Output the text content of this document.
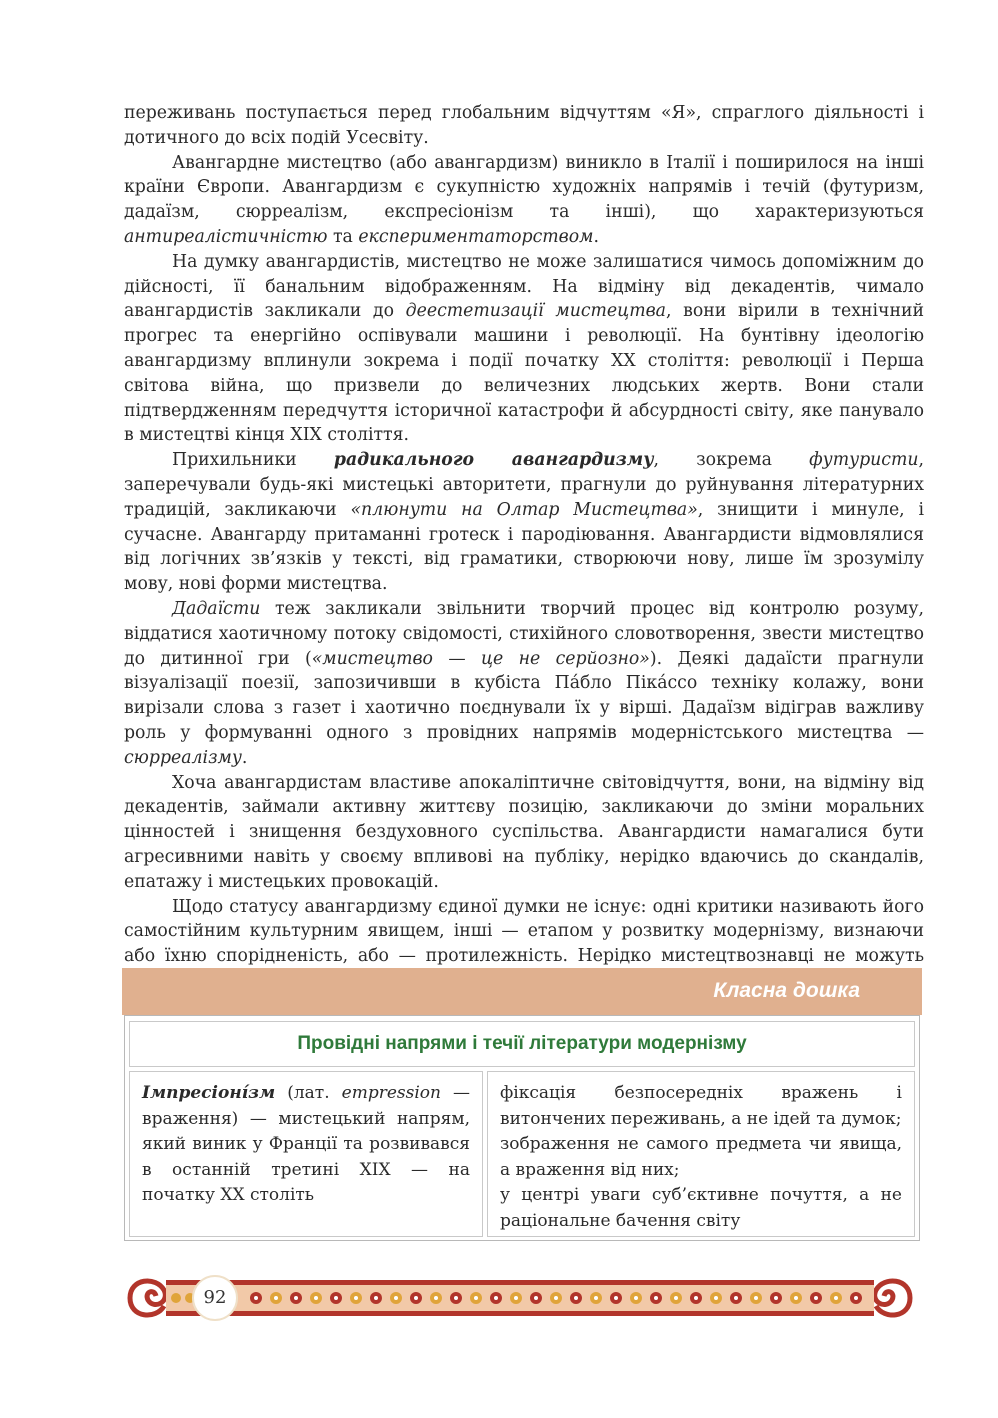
переживань поступається перед глобальним відчуттям «Я», спраглого діяльності і дотичного до всіх подій Усесвіту.

Авангардне мистецтво (або авангардизм) виникло в Італії і поширилося на інші країни Європи. Авангардизм є сукупністю художніх напрямів і течій (футуризм, дадаїзм, сюрреалізм, експресіонізм та інші), що характеризуються антиреалістичністю та експериментаторством.

На думку авангардистів, мистецтво не може залишатися чимось допоміжним до дійсності, її банальним відображенням. На відміну від декадентів, чимало авангардистів закликали до деестетизації мистецтва, вони вірили в технічний прогрес та енергійно оспівували машини і революції. На бунтівну ідеологію авангардизму вплинули зокрема і події початку XX століття: революції і Перша світова війна, що призвели до величезних людських жертв. Вони стали підтвердженням передчуття історичної катастрофи й абсурдності світу, яке панувало в мистецтві кінця XIX століття.

Прихильники радикального авангардизму, зокрема футуристи, заперечували будь-які мистецькі авторитети, прагнули до руйнування літературних традицій, закликаючи «плюнути на Олтар Мистецтва», знищити і минуле, і сучасне. Авангарду притаманні гротеск і пародіювання. Авангардисти відмовлялися від логічних зв’язків у тексті, від граматики, створюючи нову, лише їм зрозумілу мову, нові форми мистецтва.

Дадаїсти теж закликали звільнити творчий процес від контролю розуму, віддатися хаотичному потоку свідомості, стихійного словотворення, звести мистецтво до дитинної гри («мистецтво — це не серйозно»). Деякі дадаїсти прагнули візуалізації поезії, запозичивши в кубіста Па́бло Піка́ссо техніку колажу, вони вирізали слова з газет і хаотично поєднували їх у вірші. Дадаїзм відіграв важливу роль у формуванні одного з провідних напрямів модерністського мистецтва — сюрреалізму.

Хоча авангардистам властиве апокаліптичне світовідчуття, вони, на відміну від декадентів, займали активну життєву позицію, закликаючи до зміни моральних цінностей і знищення бездуховного суспільства. Авангардисти намагалися бути агресивними навіть у своєму впливові на публіку, нерідко вдаючись до скандалів, епатажу і мистецьких провокацій.

Щодо статусу авангардизму єдиної думки не існує: одні критики називають його самостійним культурним явищем, інші — етапом у розвитку модернізму, визнаючи або їхню спорідненість, або — протилежність. Нерідко мистецтвознавці не можуть

Класна дошка
Провідні напрями і течії літератури модернізму
Імпресіоні́зм (лат. empression — враження) — мистецький напрям, який виник у Франції та розвивався в останній третині XIX — на початку XX століть
фіксація безпосередніх вражень і витончених переживань, а не ідей та думок;
зображення не самого предмета чи явища, а враження від них;
у центрі уваги суб’єктивне почуття, а не раціональне бачення світу
92
